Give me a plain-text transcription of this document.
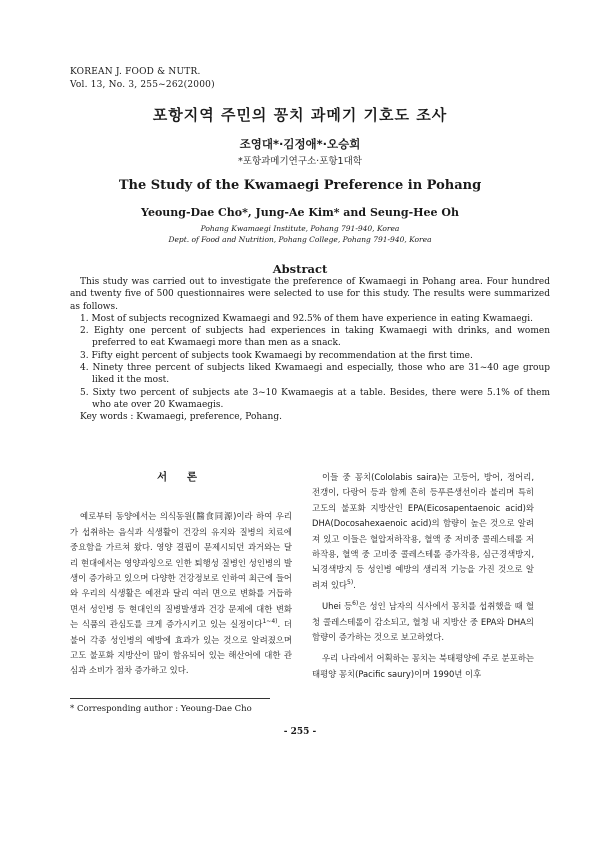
KOREAN J. FOOD & NUTR.
Vol. 13, No. 3, 255~262(2000)
포항지역 주민의 꽁치 과메기 기호도 조사
조영대*·김정애*·오승희
*포항과메기연구소·포항1대학
The Study of the Kwamaegi Preference in Pohang
Yeoung-Dae Cho*, Jung-Ae Kim* and Seung-Hee Oh
Pohang Kwamaegi Institute, Pohang 791-940, Korea
Dept. of Food and Nutrition, Pohang College, Pohang 791-940, Korea
Abstract

This study was carried out to investigate the preference of Kwamaegi in Pohang area. Four hundred and twenty five of 500 questionnaires were selected to use for this study. The results were summarized as follows.

1. Most of subjects recognized Kwamaegi and 92.5% of them have experience in eating Kwamaegi.
2. Eighty one percent of subjects had experiences in taking Kwamaegi with drinks, and women preferred to eat Kwamaegi more than men as a snack.
3. Fifty eight percent of subjects took Kwamaegi by recommendation at the first time.
4. Ninety three percent of subjects liked Kwamaegi and especially, those who are 31~40 age group liked it the most.
5. Sixty two percent of subjects ate 3~10 Kwamaegis at a table. Besides, there were 5.1% of them who ate over 20 Kwamaegis.

Key words : Kwamaegi, preference, Pohang.

서 론

예로부터 동양에서는 의식동원(醫食同源)이라 하여 우리가 섭취하는 음식과 식생활이 건강의 유지와 질병의 치료에 중요함을 가르쳐 왔다. 영양 결핍이 문제시되던 과거와는 달리 현대에서는 영양과잉으로 인한 퇴행성 질병인 성인병의 발생이 증가하고 있으며 다양한 건강정보로 인하여 최근에 들어와 우리의 식생활은 예전과 달리 여러 면으로 변화를 거듭하면서 성인병 등 현대인의 질병발생과 건강 문제에 대한 변화는 식품의 관심도를 크게 증가시키고 있는 실정이다$^{1\sim 4)}$. 더불어 각종 성인병의 예방에 효과가 있는 것으로 알려졌으며 고도 불포화 지방산이 많이 함유되어 있는 해산어에 대한 관심과 소비가 점차 증가하고 있다.

이들 중 꽁치(Cololabis saira)는 고등어, 방어, 정어리, 전갱이, 다랑어 등과 함께 흔히 등푸른생선이라 불리며 특히 고도의 불포화 지방산인 EPA(Eicosapentaenoic acid)와 DHA(Docosahexaenoic acid)의 함량이 높은 것으로 알려져 있고 이들은 혈압저하작용, 혈액 중 저비중 콜레스테롤 저하작용, 혈액 중 고비중 콜레스테롤 증가작용, 심근경색방지, 뇌경색방지 등 성인병 예방의 생리적 기능을 가진 것으로 알려져 있다$^{5)}$.

Uhei 등$^{6)}$은 성인 남자의 식사에서 꽁치를 섭취했을 때 혈청 콜레스테롤이 감소되고, 혈청 내 지방산 중 EPA와 DHA의 함량이 증가하는 것으로 보고하였다.

우리 나라에서 어획하는 꽁치는 북태평양에 주로 분포하는 태평양 꽁치(Pacific saury)이며 1990년 이후

* Corresponding author : Yeoung-Dae Cho
- 255 -
